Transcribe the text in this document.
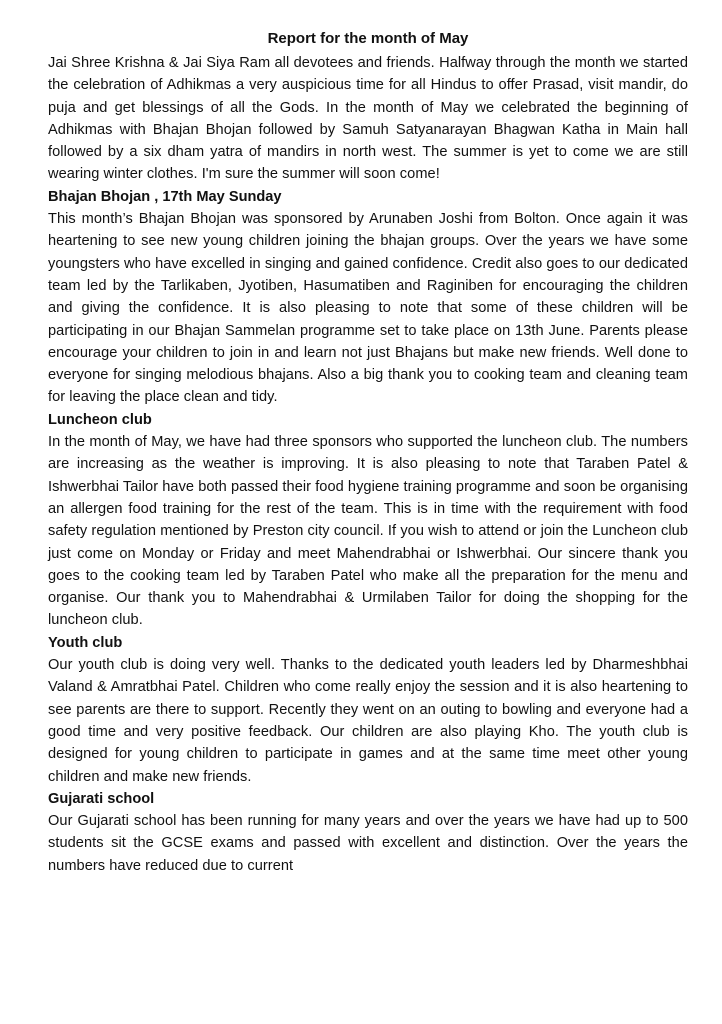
Report for the month of May

Jai Shree Krishna & Jai Siya Ram all devotees and friends. Halfway through the month we started the celebration of Adhikmas a very auspicious time for all Hindus to offer Prasad, visit mandir, do puja and get blessings of all the Gods. In the month of May we celebrated the beginning of Adhikmas with Bhajan Bhojan followed by Samuh Satyanarayan Bhagwan Katha in Main hall followed by a six dham yatra of mandirs in north west. The summer is yet to come we are still wearing winter clothes. I'm sure the summer will soon come!

Bhajan Bhojan , 17th May Sunday

This month’s Bhajan Bhojan was sponsored by Arunaben Joshi from Bolton. Once again it was heartening to see new young children joining the bhajan groups. Over the years we have some youngsters who have excelled in singing and gained confidence. Credit also goes to our dedicated team led by the Tarlikaben, Jyotiben, Hasumatiben and Raginiben for encouraging the children and giving the confidence. It is also pleasing to note that some of these children will be participating in our Bhajan Sammelan programme set to take place on 13th June. Parents please encourage your children to join in and learn not just Bhajans but make new friends. Well done to everyone for singing melodious bhajans. Also a big thank you to cooking team and cleaning team for leaving the place clean and tidy.

Luncheon club

In the month of May, we have had three sponsors who supported the luncheon club. The numbers are increasing as the weather is improving. It is also pleasing to note that Taraben Patel & Ishwerbhai Tailor have both passed their food hygiene training programme and soon be organising an allergen food training for the rest of the team. This is in time with the requirement with food safety regulation mentioned by Preston city council. If you wish to attend or join the Luncheon club just come on Monday or Friday and meet Mahendrabhai or Ishwerbhai. Our sincere thank you goes to the cooking team led by Taraben Patel who make all the preparation for the menu and organise. Our thank you to Mahendrabhai & Urmilaben Tailor for doing the shopping for the luncheon club.

Youth club

Our youth club is doing very well. Thanks to the dedicated youth leaders led by Dharmeshbhai Valand & Amratbhai Patel. Children who come really enjoy the session and it is also heartening to see parents are there to support. Recently they went on an outing to bowling and everyone had a good time and very positive feedback. Our children are also playing Kho. The youth club is designed for young children to participate in games and at the same time meet other young children and make new friends.

Gujarati school

Our Gujarati school has been running for many years and over the years we have had up to 500 students sit the GCSE exams and passed with excellent and distinction. Over the years the numbers have reduced due to current
